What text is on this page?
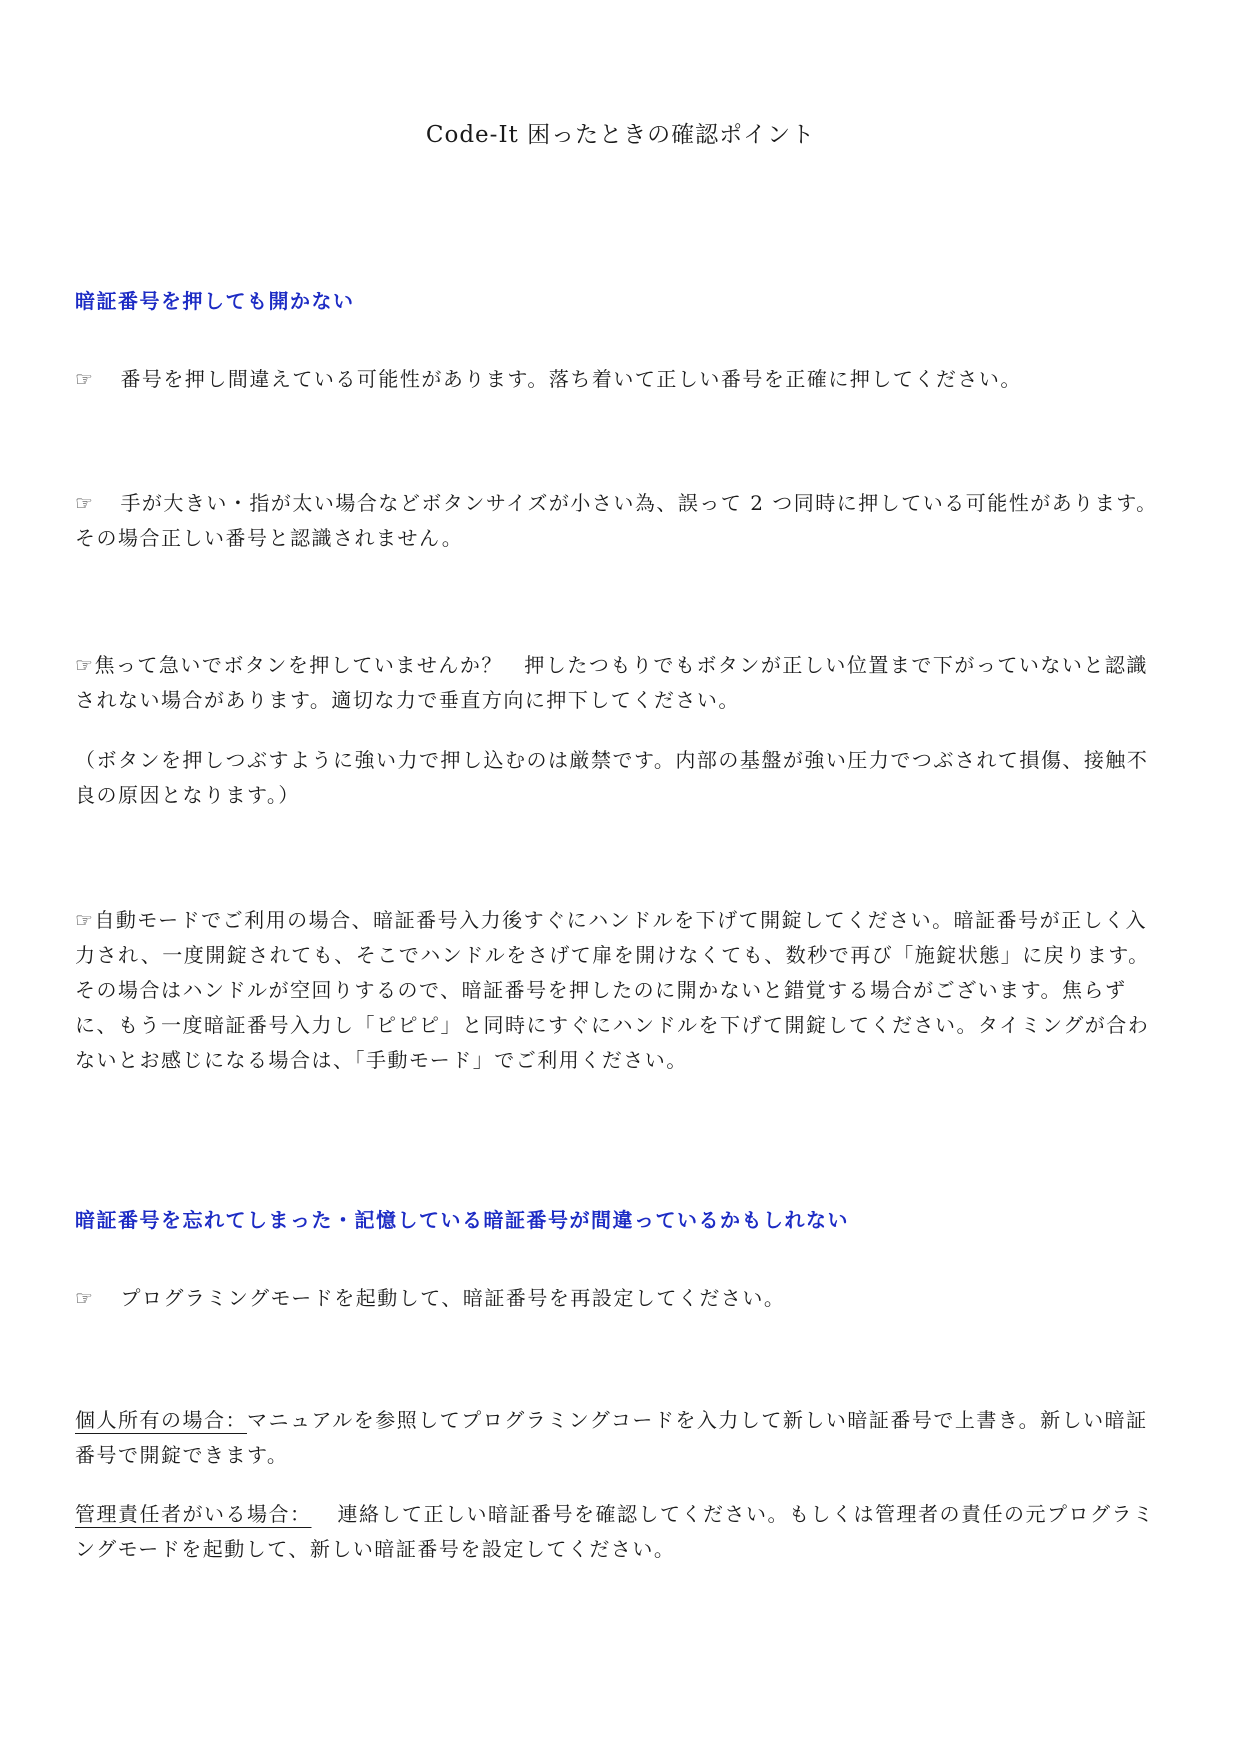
Code-It 困ったときの確認ポイント
暗証番号を押しても開かない

☞ 番号を押し間違えている可能性があります。落ち着いて正しい番号を正確に押してください。

☞ 手が大きい・指が太い場合などボタンサイズが小さい為、誤って 2 つ同時に押している可能性があります。その場合正しい番号と認識されません。

☞焦って急いでボタンを押していませんか？　押したつもりでもボタンが正しい位置まで下がっていないと認識されない場合があります。適切な力で垂直方向に押下してください。

（ボタンを押しつぶすように強い力で押し込むのは厳禁です。内部の基盤が強い圧力でつぶされて損傷、接触不良の原因となります。）

☞自動モードでご利用の場合、暗証番号入力後すぐにハンドルを下げて開錠してください。暗証番号が正しく入力され、一度開錠されても、そこでハンドルをさげて扉を開けなくても、数秒で再び「施錠状態」に戻ります。その場合はハンドルが空回りするので、暗証番号を押したのに開かないと錯覚する場合がございます。焦らずに、もう一度暗証番号入力し「ピピピ」と同時にすぐにハンドルを下げて開錠してください。タイミングが合わないとお感じになる場合は、「手動モード」でご利用ください。

暗証番号を忘れてしまった・記憶している暗証番号が間違っているかもしれない

☞ プログラミングモードを起動して、暗証番号を再設定してください。

個人所有の場合：マニュアルを参照してプログラミングコードを入力して新しい暗証番号で上書き。新しい暗証番号で開錠できます。

管理責任者がいる場合： 連絡して正しい暗証番号を確認してください。もしくは管理者の責任の元プログラミングモードを起動して、新しい暗証番号を設定してください。
